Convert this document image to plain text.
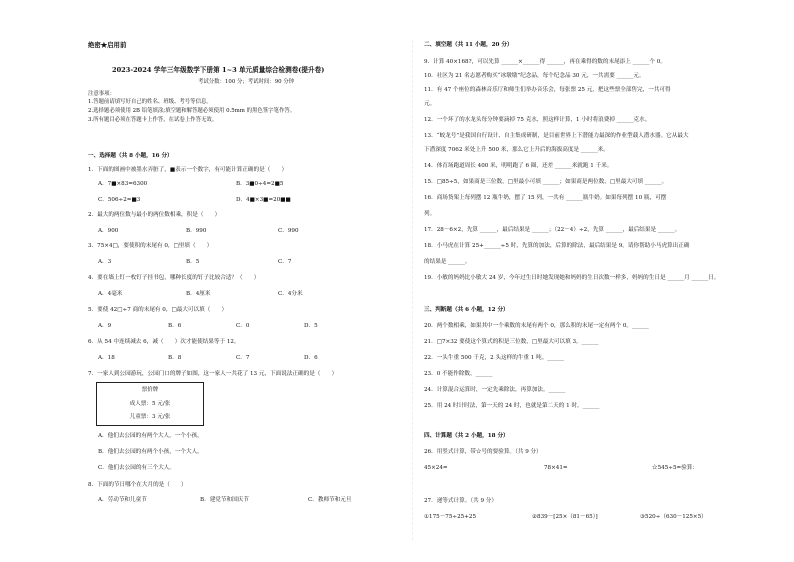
绝密★启用前
2023-2024 学年三年级数学下册第 1~3 单元质量综合检测卷(提升卷)
考试分数：100 分；考试时间：90 分钟
注意事项：
1.答题前请填写好自己的姓名、班级、考号等信息。
2.选择题必须使用 2B 铅笔填涂;填空题和解答题必须使用 0.5mm 的黑色签字笔作答。
3.所有题目必须在答题卡上作答，在试卷上作答无效。
一、选择题（共 8 小题，16 分）
1．下面的图画中被墨水弄脏了，■表示一个数字，有可能计算正确的是（　　）
A．7■×83=6300	B．3■0÷4=2■5
C．506÷2=■3	D．4■×3■=20■■
2．最大的两位数与最小的两位数相乘，积是（　　）
A．900	B．990	C．990
3．75×4□，要使积的末尾有 0，□里填（　　）
A．3	B．5	C．7
4．要在墙上钉一枚钉子挂书包，哪种长度的钉子比较合适？（　　）
A．4毫米	B．4厘米	C．4分米
5．要使 42□÷7 商的末尾有 0，□最大可以填（　　）
A．9	B．6	C．0	D．5
6．从 54 中连续减去 6，减（　　）次才能使结果等于 12。
A．18	B．8	C．7	D．6
7．一家人到公园游玩，公园门口的牌子如图，这一家人一共花了 13 元，下面说法正确的是（　　）
票价牌
成人票：5 元/张
儿童票：3 元/张
A．他们去公园的有两个大人，一个小孩。
B．他们去公园的有两个小孩，一个大人。
C．他们去公园的有三个大人。
8．下面的节日哪个在大月的是（　　）
A．劳动节和儿童节	B．建党节和国庆节	C．教师节和元旦
二、填空题（共 11 小题，20 分）
9．计算 40×168?，可以先算 ______×______得 ______，再在乘得的数的末尾添上 ______个 0。
10．社区为 21 名志愿者购买“冰墩墩”纪念品，每个纪念品 30 元，一共需要 ______元。
11．有 47 个座位的森林音乐厅和师生们举办音乐会，每张票 25 元，把这些票全部售完，一共可得
元。
12．一个坏了的水龙头每分钟要滴掉 75 克水，照这样计算，1 小时将浪费掉 ______克水。
13．“蛟龙号”是我国自行设计、自主集成研制，是目前世界上下潜能力最深的作业型载人潜水器。它从最大
下潜深度 7062 米处上升 500 米，那么它上升后的海拔高度是 ______米。
14．体育场跑道周长 400 米，明明跑了 6 圈，还差 ______米就跑 1 千米。
15．□85÷5，如果商是三位数，□里最小可填 ______；如果商是两位数，□里最大可填 ______。
16．商场货架上每列摆 12 瓶牛奶，摆了 15 列，一共有 ______瓶牛奶。如果每列摆 10 瓶，可摆
列。
17．28－6×2，先算 ______，最后结果是 ______；（22－4）÷2，先算 ______，最后结果是 ______。
18．小马虎在计算 25+______÷5 时，先算的加法，后算的除法，最后结果是 9。请你帮助小马虎算出正确
的结果是 ______。
19．小敏的妈妈比小敏大 24 岁，今年过生日时她发现她和妈妈的生日次数一样多，妈妈的生日是 ______月 ______日。
三、判断题（共 6 小题，12 分）
20．两个数相乘，如果其中一个乘数的末尾有两个 0，那么积的末尾一定有两个 0。______
21．□7×32 要使这个算式的积是三位数，□里最大可以填 3。______
22．一头牛重 500 千克，2 头这样的牛重 1 吨。______
23．0 不能作除数。______
24．计算混合运算时，一定先乘除法，再算加法。______
25．用 24 时计时法，第一天的 24 时，也就是第二天的 1 时。______
四、计算题（共 2 小题，18 分）
26．用竖式计算，带☆号的要验算。（共 9 分）
45×24=	78×41=	☆545÷5=验算：
27．递等式计算。（共 9 分）
①175－75÷25+25	②839－[25×（81－65）]	③520÷（630－125×5）
